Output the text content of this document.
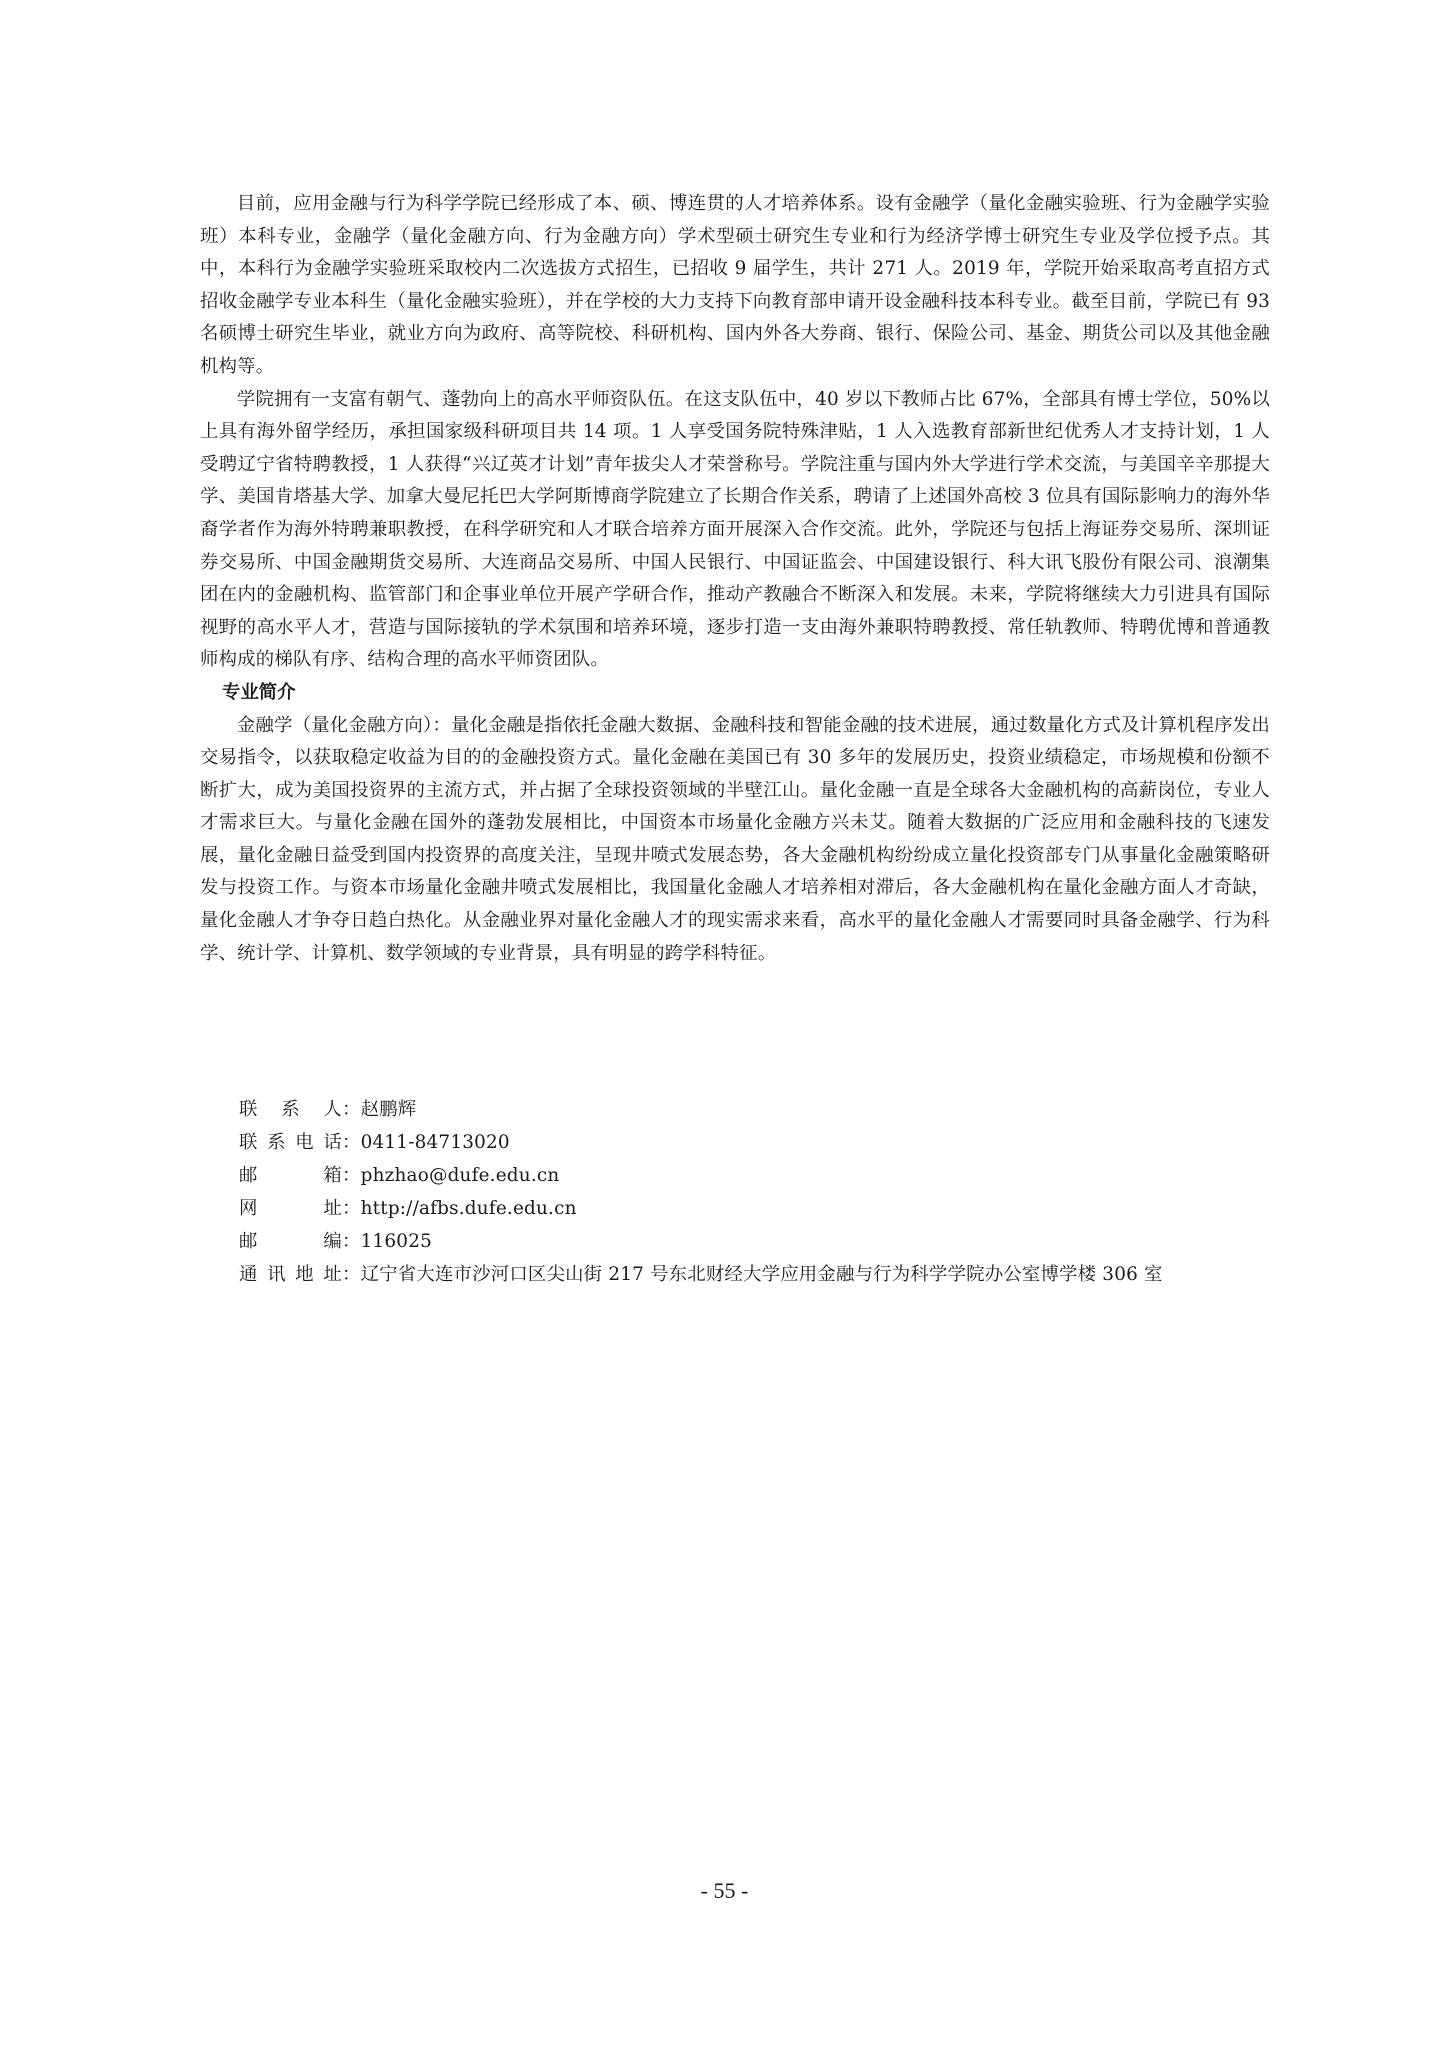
目前，应用金融与行为科学学院已经形成了本、硕、博连贯的人才培养体系。设有金融学（量化金融实验班、行为金融学实验班）本科专业，金融学（量化金融方向、行为金融方向）学术型硕士研究生专业和行为经济学博士研究生专业及学位授予点。其中，本科行为金融学实验班采取校内二次选拔方式招生，已招收 9 届学生，共计 271 人。2019 年，学院开始采取高考直招方式招收金融学专业本科生（量化金融实验班），并在学校的大力支持下向教育部申请开设金融科技本科专业。截至目前，学院已有 93 名硕博士研究生毕业，就业方向为政府、高等院校、科研机构、国内外各大券商、银行、保险公司、基金、期货公司以及其他金融机构等。

学院拥有一支富有朝气、蓬勃向上的高水平师资队伍。在这支队伍中，40 岁以下教师占比 67%，全部具有博士学位，50%以上具有海外留学经历，承担国家级科研项目共 14 项。1 人享受国务院特殊津贴，1 人入选教育部新世纪优秀人才支持计划，1 人受聘辽宁省特聘教授，1 人获得“兴辽英才计划”青年拔尖人才荣誉称号。学院注重与国内外大学进行学术交流，与美国辛辛那提大学、美国肯塔基大学、加拿大曼尼托巴大学阿斯博商学院建立了长期合作关系，聘请了上述国外高校 3 位具有国际影响力的海外华裔学者作为海外特聘兼职教授，在科学研究和人才联合培养方面开展深入合作交流。此外，学院还与包括上海证券交易所、深圳证券交易所、中国金融期货交易所、大连商品交易所、中国人民银行、中国证监会、中国建设银行、科大讯飞股份有限公司、浪潮集团在内的金融机构、监管部门和企事业单位开展产学研合作，推动产教融合不断深入和发展。未来，学院将继续大力引进具有国际视野的高水平人才，营造与国际接轨的学术氛围和培养环境，逐步打造一支由海外兼职特聘教授、常任轨教师、特聘优博和普通教师构成的梯队有序、结构合理的高水平师资团队。

专业简介

金融学（量化金融方向）：量化金融是指依托金融大数据、金融科技和智能金融的技术进展，通过数量化方式及计算机程序发出交易指令，以获取稳定收益为目的的金融投资方式。量化金融在美国已有 30 多年的发展历史，投资业绩稳定，市场规模和份额不断扩大，成为美国投资界的主流方式，并占据了全球投资领域的半壁江山。量化金融一直是全球各大金融机构的高薪岗位，专业人才需求巨大。与量化金融在国外的蓬勃发展相比，中国资本市场量化金融方兴未艾。随着大数据的广泛应用和金融科技的飞速发展，量化金融日益受到国内投资界的高度关注，呈现井喷式发展态势，各大金融机构纷纷成立量化投资部专门从事量化金融策略研发与投资工作。与资本市场量化金融井喷式发展相比，我国量化金融人才培养相对滞后，各大金融机构在量化金融方面人才奇缺，量化金融人才争夺日趋白热化。从金融业界对量化金融人才的现实需求来看，高水平的量化金融人才需要同时具备金融学、行为科学、统计学、计算机、数学领域的专业背景，具有明显的跨学科特征。

联系人：赵鹏辉
联系电话：0411-84713020
邮箱：phzhao@dufe.edu.cn
网址：http://afbs.dufe.edu.cn
邮编：116025
通讯地址：辽宁省大连市沙河口区尖山街 217 号东北财经大学应用金融与行为科学学院办公室博学楼 306 室
- 55 -
